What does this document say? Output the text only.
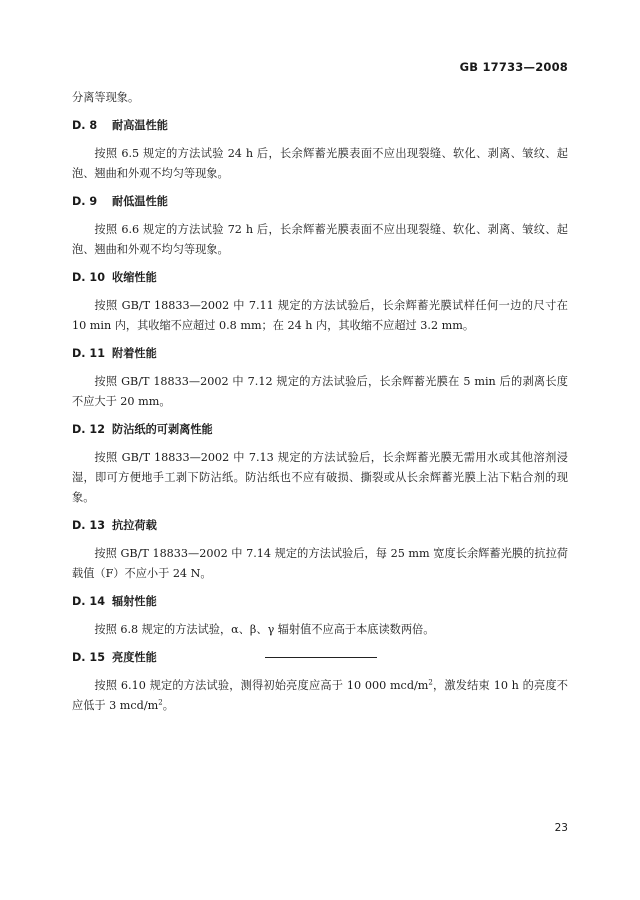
GB 17733—2008

分离等现象。

D. 8 耐高温性能

按照 6.5 规定的方法试验 24 h 后，长余辉蓄光膜表面不应出现裂缝、软化、剥离、皱纹、起泡、翘曲和外观不均匀等现象。

D. 9 耐低温性能

按照 6.6 规定的方法试验 72 h 后，长余辉蓄光膜表面不应出现裂缝、软化、剥离、皱纹、起泡、翘曲和外观不均匀等现象。

D. 10 收缩性能

按照 GB/T 18833—2002 中 7.11 规定的方法试验后，长余辉蓄光膜试样任何一边的尺寸在 10 min 内，其收缩不应超过 0.8 mm；在 24 h 内，其收缩不应超过 3.2 mm。

D. 11 附着性能

按照 GB/T 18833—2002 中 7.12 规定的方法试验后，长余辉蓄光膜在 5 min 后的剥离长度不应大于 20 mm。

D. 12 防沾纸的可剥离性能

按照 GB/T 18833—2002 中 7.13 规定的方法试验后，长余辉蓄光膜无需用水或其他溶剂浸湿，即可方便地手工剥下防沾纸。防沾纸也不应有破损、撕裂或从长余辉蓄光膜上沾下粘合剂的现象。

D. 13 抗拉荷载

按照 GB/T 18833—2002 中 7.14 规定的方法试验后，每 25 mm 宽度长余辉蓄光膜的抗拉荷载值（F）不应小于 24 N。

D. 14 辐射性能

按照 6.8 规定的方法试验，α、β、γ 辐射值不应高于本底读数两倍。

D. 15 亮度性能

按照 6.10 规定的方法试验，测得初始亮度应高于 10 000 mcd/$m^2$，激发结束 10 h 的亮度不应低于 3 mcd/$m^2$。

23
